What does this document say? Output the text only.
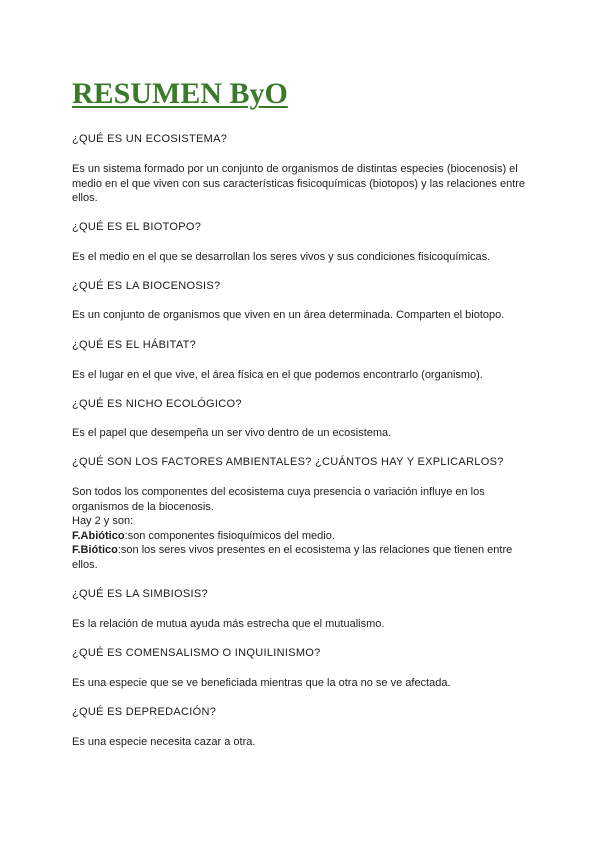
RESUMEN ByO

¿QUÉ ES UN ECOSISTEMA?

Es un sistema formado por un conjunto de organismos de distintas especies (biocenosis) el medio en el que viven con sus características fisicoquímicas (biotopos) y las relaciones entre ellos.

¿QUÉ ES EL BIOTOPO?

Es el medio en el que se desarrollan los seres vivos y sus condiciones fisicoquímicas.

¿QUÉ ES LA BIOCENOSIS?

Es un conjunto de organismos que viven en un área determinada. Comparten el biotopo.

¿QUÉ ES EL HÁBITAT?

Es el lugar en el que vive, el área física en el que podemos encontrarlo (organismo).

¿QUÉ ES NICHO ECOLÓGICO?

Es el papel que desempeña un ser vivo dentro de un ecosistema.

¿QUÉ SON LOS FACTORES AMBIENTALES? ¿CUÁNTOS HAY Y EXPLICARLOS?

Son todos los componentes del ecosistema cuya presencia o variación influye en los organismos de la biocenosis.

Hay 2 y son:

F.Abiótico:son componentes fisioquímicos del medio.

F.Biótico:son los seres vivos presentes en el ecosistema y las relaciones que tienen entre ellos.

¿QUÉ ES LA SIMBIOSIS?

Es la relación de mutua ayuda más estrecha que el mutualismo.

¿QUÉ ES COMENSALISMO O INQUILINISMO?

Es una especie que se ve beneficiada mientras que la otra no se ve afectada.

¿QUÉ ES DEPREDACIÓN?

Es una especie necesita cazar a otra.
